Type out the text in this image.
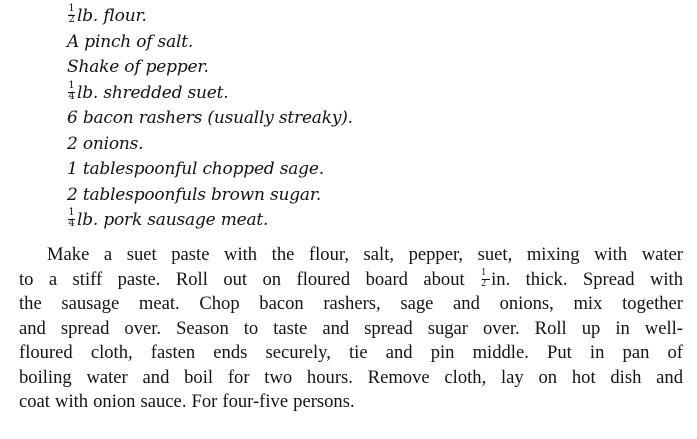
$\frac{1}{2}$ lb. flour.
A pinch of salt.
Shake of pepper.
$\frac{1}{4}$ lb. shredded suet.
6 bacon rashers (usually streaky).
2 onions.
1 tablespoonful chopped sage.
2 tablespoonfuls brown sugar.
$\frac{1}{4}$ lb. pork sausage meat.
Make a suet paste with the flour, salt, pepper, suet, mixing with water
to a stiff paste. Roll out on floured board about $\frac{1}{2}$ in. thick. Spread with
the sausage meat. Chop bacon rashers, sage and onions, mix together
and spread over. Season to taste and spread sugar over. Roll up in well-
floured cloth, fasten ends securely, tie and pin middle. Put in pan of
boiling water and boil for two hours. Remove cloth, lay on hot dish and
coat with onion sauce. For four-five persons.
